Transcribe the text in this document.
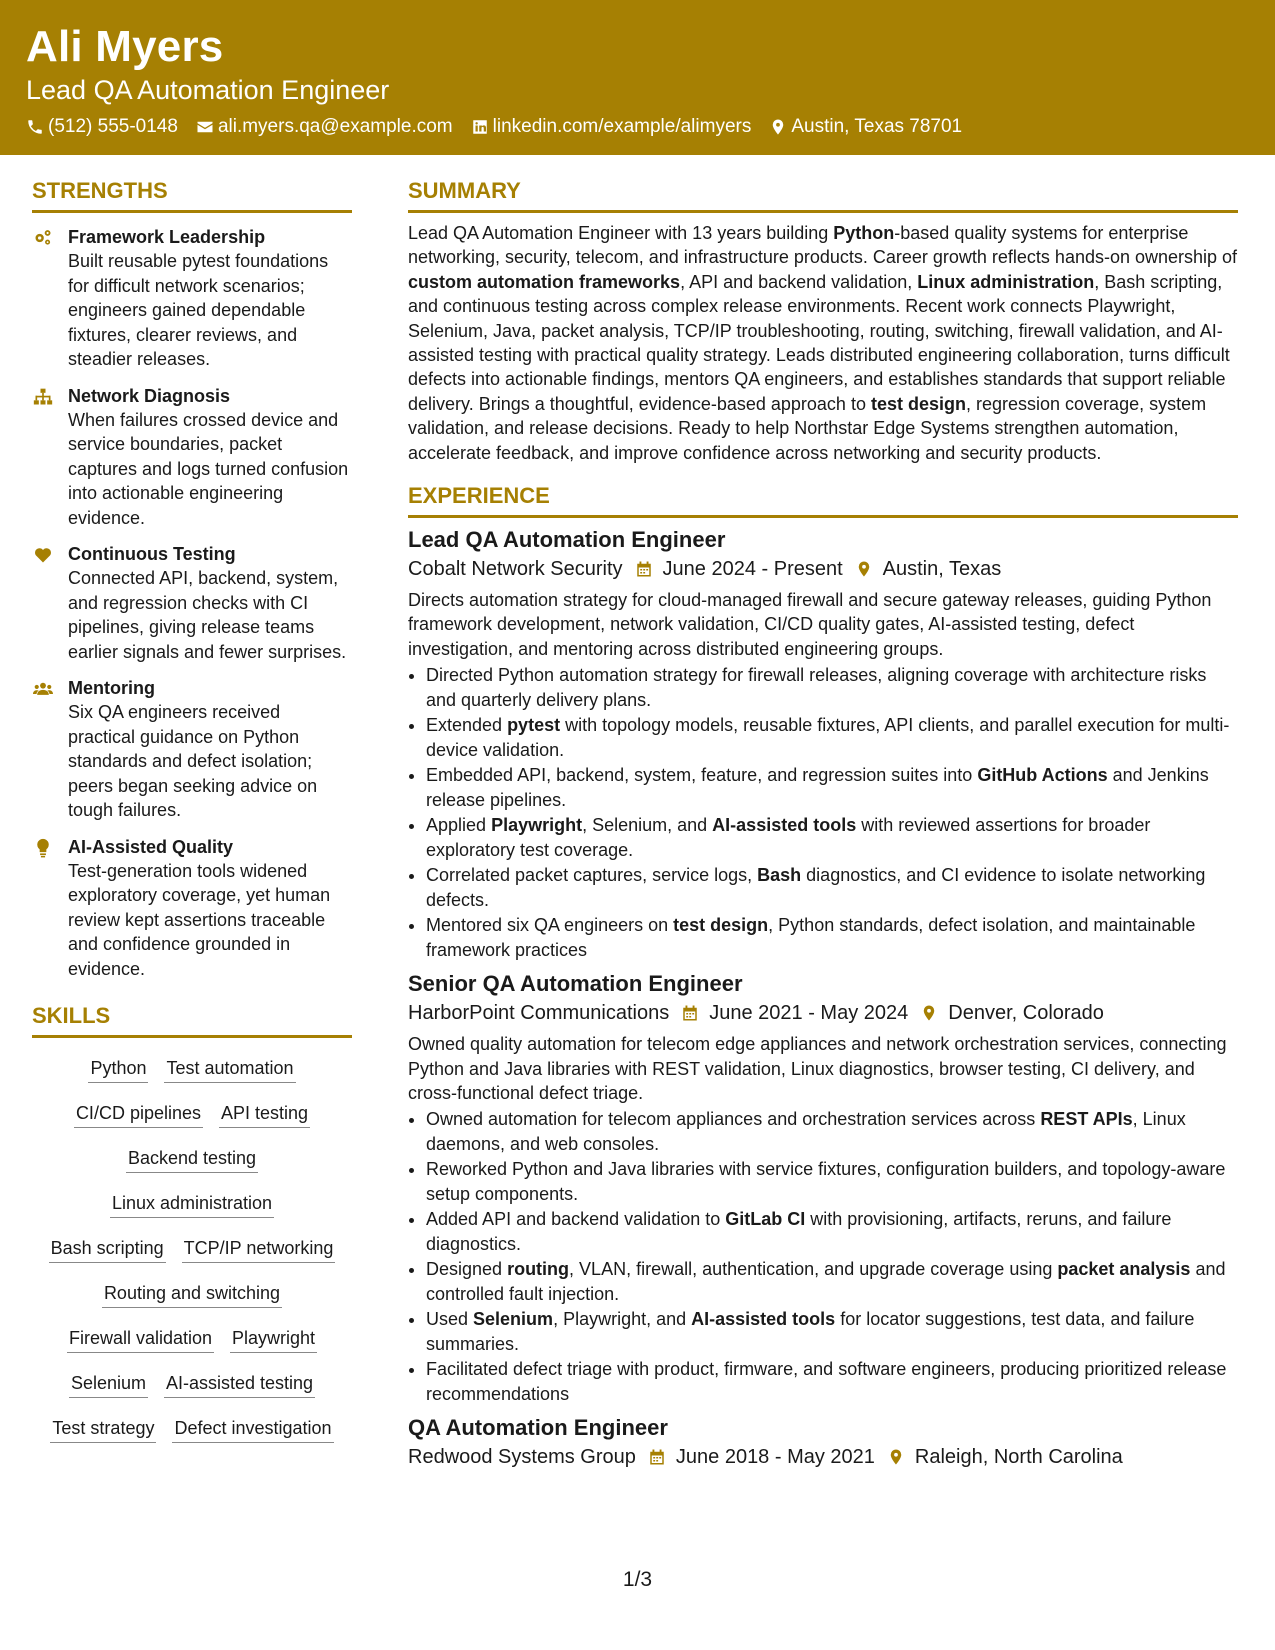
Ali Myers
Lead QA Automation Engineer
(512) 555-0148 ali.myers.qa@example.com linkedin.com/example/alimyers Austin, Texas 78701
STRENGTHS
Framework Leadership
Built reusable pytest foundations for difficult network scenarios; engineers gained dependable fixtures, clearer reviews, and steadier releases.
Network Diagnosis
When failures crossed device and service boundaries, packet captures and logs turned confusion into actionable engineering evidence.
Continuous Testing
Connected API, backend, system, and regression checks with CI pipelines, giving release teams earlier signals and fewer surprises.
Mentoring
Six QA engineers received practical guidance on Python standards and defect isolation; peers began seeking advice on tough failures.
AI-Assisted Quality
Test-generation tools widened exploratory coverage, yet human review kept assertions traceable and confidence grounded in evidence.
SKILLS
Python Test automation
CI/CD pipelines API testing
Backend testing
Linux administration
Bash scripting TCP/IP networking
Routing and switching
Firewall validation Playwright
Selenium AI-assisted testing
Test strategy Defect investigation
SUMMARY
Lead QA Automation Engineer with 13 years building Python-based quality systems for enterprise networking, security, telecom, and infrastructure products. Career growth reflects hands-on ownership of custom automation frameworks, API and backend validation, Linux administration, Bash scripting, and continuous testing across complex release environments. Recent work connects Playwright, Selenium, Java, packet analysis, TCP/IP troubleshooting, routing, switching, firewall validation, and AI-assisted testing with practical quality strategy. Leads distributed engineering collaboration, turns difficult defects into actionable findings, mentors QA engineers, and establishes standards that support reliable delivery. Brings a thoughtful, evidence-based approach to test design, regression coverage, system validation, and release decisions. Ready to help Northstar Edge Systems strengthen automation, accelerate feedback, and improve confidence across networking and security products.
EXPERIENCE
Lead QA Automation Engineer
Cobalt Network Security June 2024 - Present Austin, Texas
Directs automation strategy for cloud-managed firewall and secure gateway releases, guiding Python framework development, network validation, CI/CD quality gates, AI-assisted testing, defect investigation, and mentoring across distributed engineering groups.
• Directed Python automation strategy for firewall releases, aligning coverage with architecture risks and quarterly delivery plans.
• Extended pytest with topology models, reusable fixtures, API clients, and parallel execution for multi-device validation.
• Embedded API, backend, system, feature, and regression suites into GitHub Actions and Jenkins release pipelines.
• Applied Playwright, Selenium, and AI-assisted tools with reviewed assertions for broader exploratory test coverage.
• Correlated packet captures, service logs, Bash diagnostics, and CI evidence to isolate networking defects.
• Mentored six QA engineers on test design, Python standards, defect isolation, and maintainable framework practices
Senior QA Automation Engineer
HarborPoint Communications June 2021 - May 2024 Denver, Colorado
Owned quality automation for telecom edge appliances and network orchestration services, connecting Python and Java libraries with REST validation, Linux diagnostics, browser testing, CI delivery, and cross-functional defect triage.
• Owned automation for telecom appliances and orchestration services across REST APIs, Linux daemons, and web consoles.
• Reworked Python and Java libraries with service fixtures, configuration builders, and topology-aware setup components.
• Added API and backend validation to GitLab CI with provisioning, artifacts, reruns, and failure diagnostics.
• Designed routing, VLAN, firewall, authentication, and upgrade coverage using packet analysis and controlled fault injection.
• Used Selenium, Playwright, and AI-assisted tools for locator suggestions, test data, and failure summaries.
• Facilitated defect triage with product, firmware, and software engineers, producing prioritized release recommendations
QA Automation Engineer
Redwood Systems Group June 2018 - May 2021 Raleigh, North Carolina
1/3
